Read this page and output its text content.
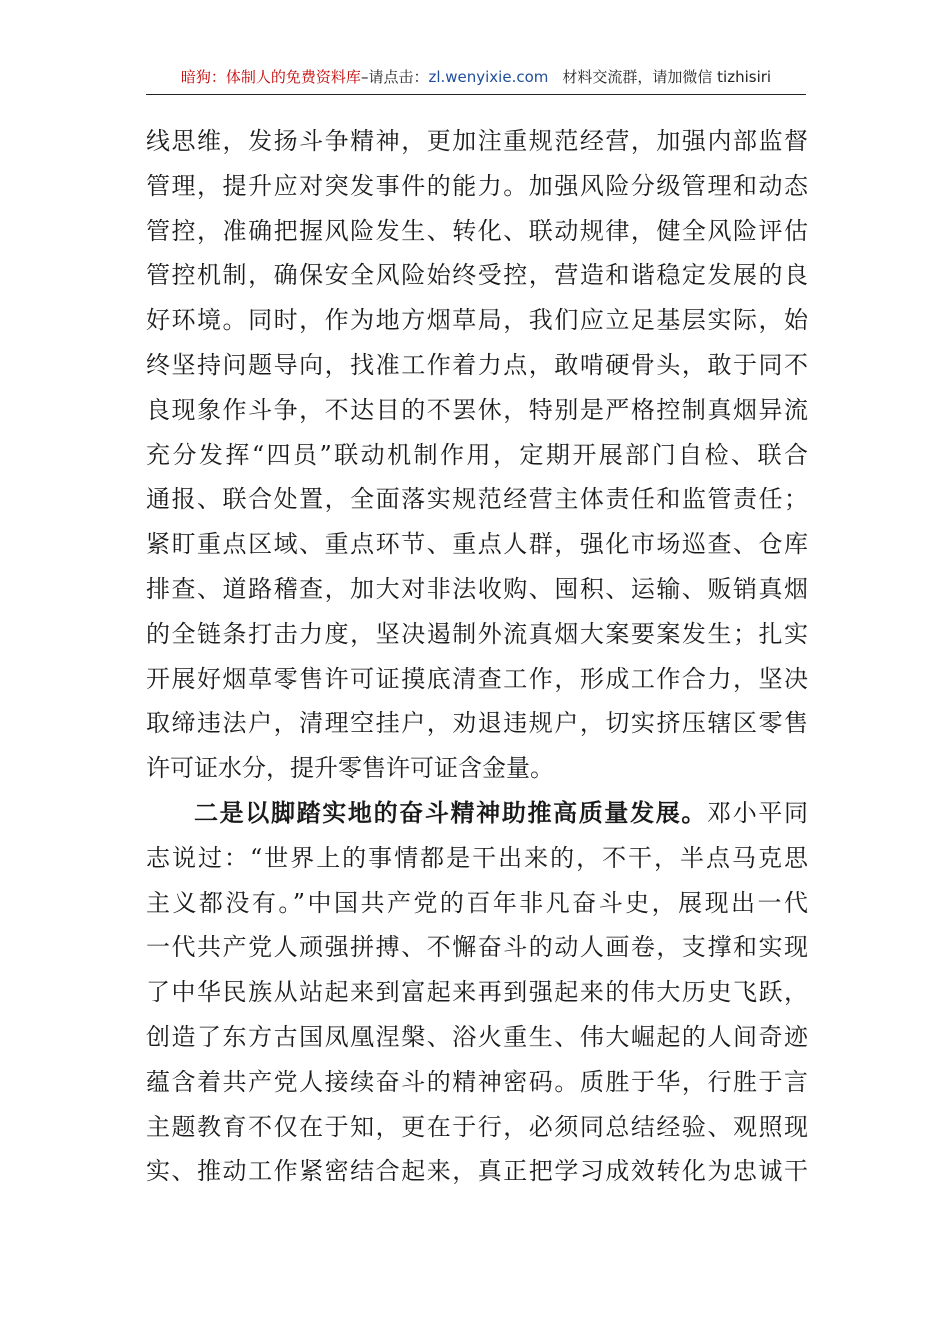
暗狗：体制人的免费资料库–请点击：zl.wenyixie.com 材料交流群，请加微信 tizhisiri
线思维，发扬斗争精神，更加注重规范经营，加强内部监督
管理，提升应对突发事件的能力。加强风险分级管理和动态
管控，准确把握风险发生、转化、联动规律，健全风险评估
管控机制，确保安全风险始终受控，营造和谐稳定发展的良
好环境。同时，作为地方烟草局，我们应立足基层实际，始
终坚持问题导向，找准工作着力点，敢啃硬骨头，敢于同不
良现象作斗争，不达目的不罢休，特别是严格控制真烟异流
充分发挥“四员”联动机制作用，定期开展部门自检、联合
通报、联合处置，全面落实规范经营主体责任和监管责任；
紧盯重点区域、重点环节、重点人群，强化市场巡查、仓库
排查、道路稽查，加大对非法收购、囤积、运输、贩销真烟
的全链条打击力度，坚决遏制外流真烟大案要案发生；扎实
开展好烟草零售许可证摸底清查工作，形成工作合力，坚决
取缔违法户，清理空挂户，劝退违规户，切实挤压辖区零售
许可证水分，提升零售许可证含金量。
二是以脚踏实地的奋斗精神助推高质量发展。邓小平同
志说过：“世界上的事情都是干出来的，不干，半点马克思
主义都没有。”中国共产党的百年非凡奋斗史，展现出一代
一代共产党人顽强拼搏、不懈奋斗的动人画卷，支撑和实现
了中华民族从站起来到富起来再到强起来的伟大历史飞跃，
创造了东方古国凤凰涅槃、浴火重生、伟大崛起的人间奇迹
蕴含着共产党人接续奋斗的精神密码。质胜于华，行胜于言
主题教育不仅在于知，更在于行，必须同总结经验、观照现
实、推动工作紧密结合起来，真正把学习成效转化为忠诚干
